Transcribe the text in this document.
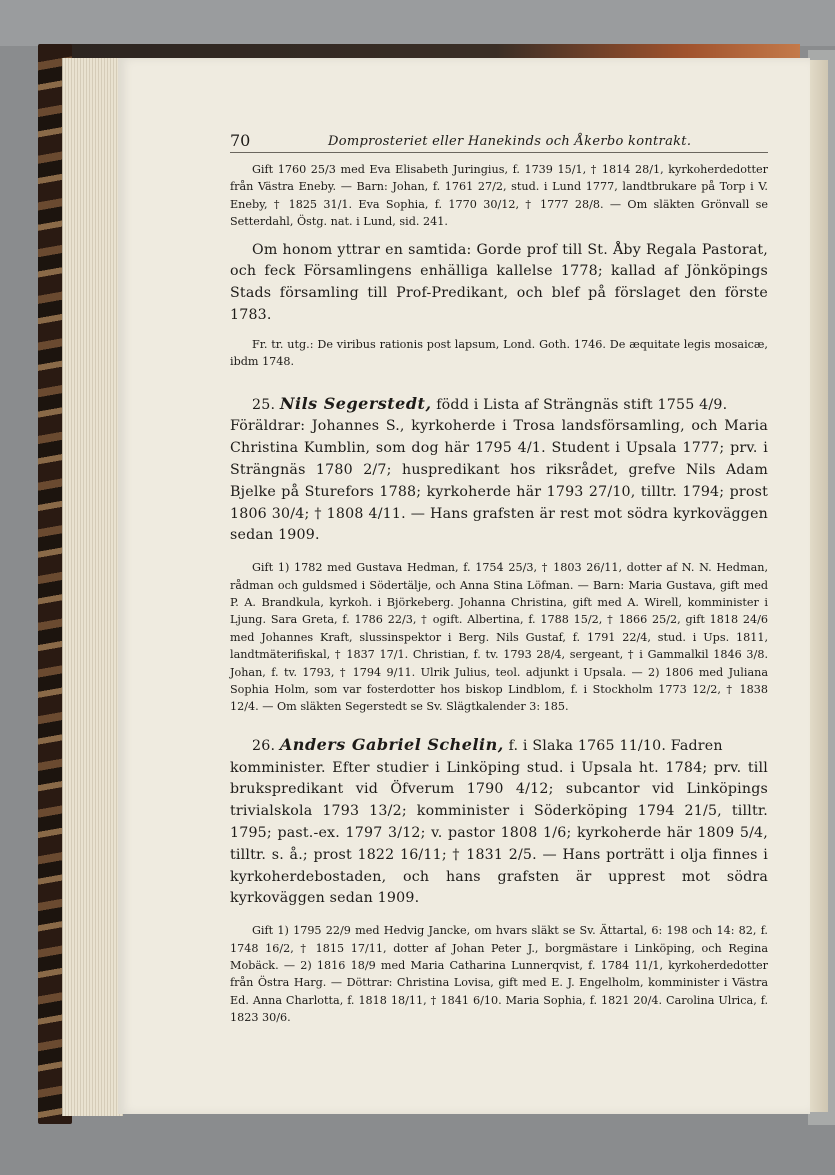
70	Domprosteriet eller Hanekinds och Åkerbo kontrakt.

Gift 1760 25/3 med Eva Elisabeth Juringius, f. 1739 15/1, † 1814 28/1, kyrkoherdedotter från Västra Eneby. — Barn: Johan, f. 1761 27/2, stud. i Lund 1777, landtbrukare på Torp i V. Eneby, † 1825 31/1. Eva Sophia, f. 1770 30/12, † 1777 28/8. — Om släkten Grönvall se Setterdahl, Östg. nat. i Lund, sid. 241.

Om honom yttrar en samtida: Gorde prof till St. Åby Regala Pastorat, och feck Församlingens enhälliga kallelse 1778; kallad af Jönköpings Stads församling till Prof-Predikant, och blef på förslaget den förste 1783.

Fr. tr. utg.: De viribus rationis post lapsum, Lond. Goth. 1746. De æquitate legis mosaicæ, ibdm 1748.

25. Nils Segerstedt, född i Lista af Strängnäs stift 1755 4/9.

Föräldrar: Johannes S., kyrkoherde i Trosa landsförsamling, och Maria Christina Kumblin, som dog här 1795 4/1. Student i Upsala 1777; prv. i Strängnäs 1780 2/7; huspredikant hos riksrådet, grefve Nils Adam Bjelke på Sturefors 1788; kyrkoherde här 1793 27/10, tilltr. 1794; prost 1806 30/4; † 1808 4/11. — Hans grafsten är rest mot södra kyrkoväggen sedan 1909.

Gift 1) 1782 med Gustava Hedman, f. 1754 25/3, † 1803 26/11, dotter af N. N. Hedman, rådman och guldsmed i Södertälje, och Anna Stina Löfman. — Barn: Maria Gustava, gift med P. A. Brandkula, kyrkoh. i Björkeberg. Johanna Christina, gift med A. Wirell, komminister i Ljung. Sara Greta, f. 1786 22/3, † ogift. Albertina, f. 1788 15/2, † 1866 25/2, gift 1818 24/6 med Johannes Kraft, slussinspektor i Berg. Nils Gustaf, f. 1791 22/4, stud. i Ups. 1811, landtmäterifiskal, † 1837 17/1. Christian, f. tv. 1793 28/4, sergeant, † i Gammalkil 1846 3/8. Johan, f. tv. 1793, † 1794 9/11. Ulrik Julius, teol. adjunkt i Upsala. — 2) 1806 med Juliana Sophia Holm, som var fosterdotter hos biskop Lindblom, f. i Stockholm 1773 12/2, † 1838 12/4. — Om släkten Segerstedt se Sv. Slägtkalender 3: 185.

26. Anders Gabriel Schelin, f. i Slaka 1765 11/10. Fadren

komminister. Efter studier i Linköping stud. i Upsala ht. 1784; prv. till brukspredikant vid Öfverum 1790 4/12; subcantor vid Linköpings trivialskola 1793 13/2; komminister i Söderköping 1794 21/5, tilltr. 1795; past.-ex. 1797 3/12; v. pastor 1808 1/6; kyrkoherde här 1809 5/4, tilltr. s. å.; prost 1822 16/11; † 1831 2/5. — Hans porträtt i olja finnes i kyrkoherdebostaden, och hans grafsten är upprest mot södra kyrkoväggen sedan 1909.

Gift 1) 1795 22/9 med Hedvig Jancke, om hvars släkt se Sv. Ättartal, 6: 198 och 14: 82, f. 1748 16/2, † 1815 17/11, dotter af Johan Peter J., borgmästare i Linköping, och Regina Mobäck. — 2) 1816 18/9 med Maria Catharina Lunnerqvist, f. 1784 11/1, kyrkoherdedotter från Östra Harg. — Döttrar: Christina Lovisa, gift med E. J. Engelholm, komminister i Västra Ed. Anna Charlotta, f. 1818 18/11, † 1841 6/10. Maria Sophia, f. 1821 20/4. Carolina Ulrica, f. 1823 30/6.
